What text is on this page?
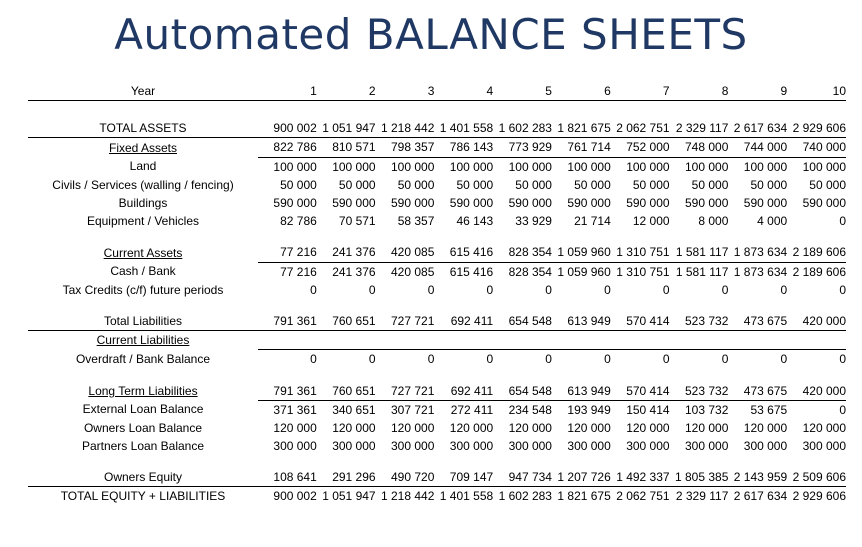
Automated BALANCE SHEETS
Year	1	2	3	4	5	6	7	8	9	10

TOTAL ASSETS	900 002	1 051 947	1 218 442	1 401 558	1 602 283	1 821 675	2 062 751	2 329 117	2 617 634	2 929 606
Fixed Assets	822 786	810 571	798 357	786 143	773 929	761 714	752 000	748 000	744 000	740 000
Land	100 000	100 000	100 000	100 000	100 000	100 000	100 000	100 000	100 000	100 000
Civils / Services (walling / fencing)	50 000	50 000	50 000	50 000	50 000	50 000	50 000	50 000	50 000	50 000
Buildings	590 000	590 000	590 000	590 000	590 000	590 000	590 000	590 000	590 000	590 000
Equipment / Vehicles	82 786	70 571	58 357	46 143	33 929	21 714	12 000	8 000	4 000	0

Current Assets	77 216	241 376	420 085	615 416	828 354	1 059 960	1 310 751	1 581 117	1 873 634	2 189 606
Cash / Bank	77 216	241 376	420 085	615 416	828 354	1 059 960	1 310 751	1 581 117	1 873 634	2 189 606
Tax Credits (c/f) future periods	0	0	0	0	0	0	0	0	0	0

Total Liabilities	791 361	760 651	727 721	692 411	654 548	613 949	570 414	523 732	473 675	420 000
Current Liabilities										
Overdraft / Bank Balance	0	0	0	0	0	0	0	0	0	0

Long Term Liabilities	791 361	760 651	727 721	692 411	654 548	613 949	570 414	523 732	473 675	420 000
External Loan Balance	371 361	340 651	307 721	272 411	234 548	193 949	150 414	103 732	53 675	0
Owners Loan Balance	120 000	120 000	120 000	120 000	120 000	120 000	120 000	120 000	120 000	120 000
Partners Loan Balance	300 000	300 000	300 000	300 000	300 000	300 000	300 000	300 000	300 000	300 000

Owners Equity	108 641	291 296	490 720	709 147	947 734	1 207 726	1 492 337	1 805 385	2 143 959	2 509 606
TOTAL EQUITY + LIABILITIES	900 002	1 051 947	1 218 442	1 401 558	1 602 283	1 821 675	2 062 751	2 329 117	2 617 634	2 929 606
